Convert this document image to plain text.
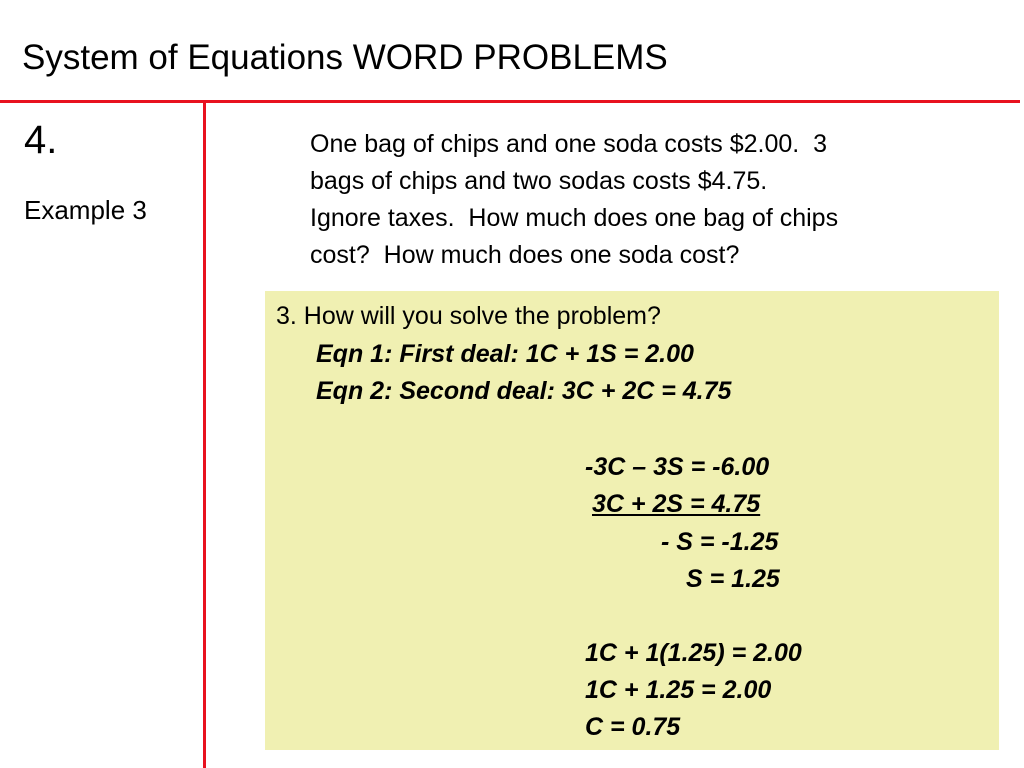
System of Equations WORD PROBLEMS
4.
Example 3
One bag of chips and one soda costs $2.00.  3
bags of chips and two sodas costs $4.75.
Ignore taxes.  How much does one bag of chips
cost?  How much does one soda cost?
3. How will you solve the problem?
Eqn 1: First deal: 1C + 1S = 2.00
Eqn 2: Second deal: 3C + 2C = 4.75
-3C – 3S = -6.00
3C + 2S = 4.75
- S = -1.25
S = 1.25
1C + 1(1.25) = 2.00
1C + 1.25 = 2.00
C = 0.75
